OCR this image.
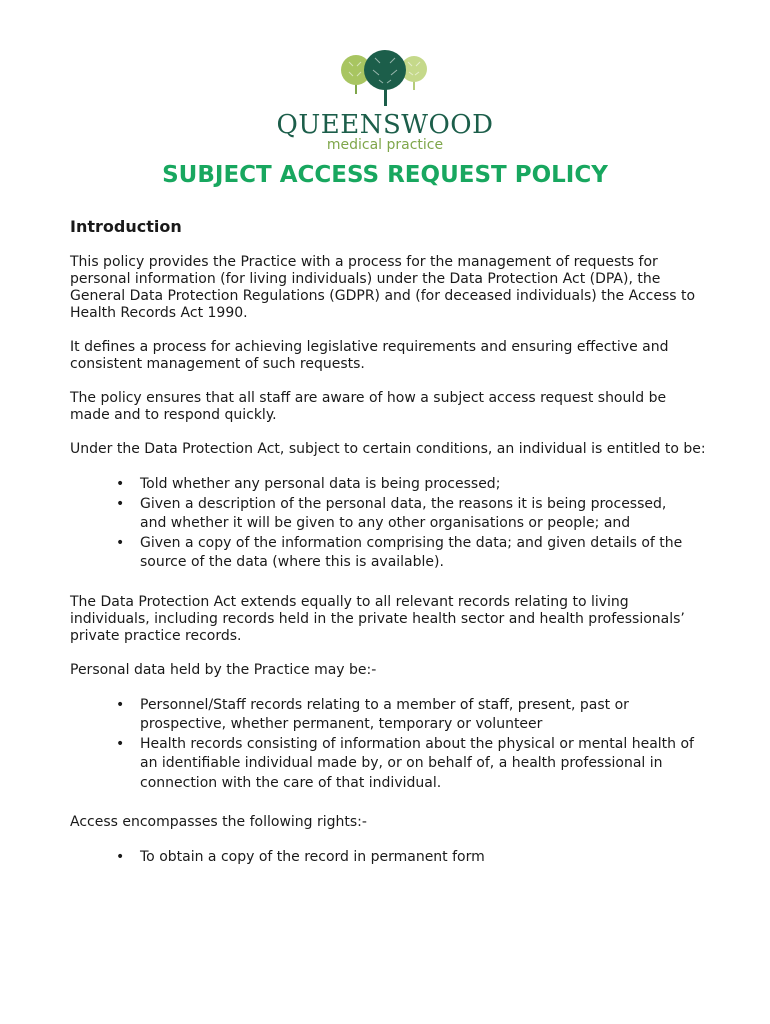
QUEENSWOOD
medical practice
SUBJECT ACCESS REQUEST POLICY
Introduction

This policy provides the Practice with a process for the management of requests for personal information (for living individuals) under the Data Protection Act (DPA), the General Data Protection Regulations (GDPR) and (for deceased individuals) the Access to Health Records Act 1990.

It defines a process for achieving legislative requirements and ensuring effective and consistent management of such requests.

The policy ensures that all staff are aware of how a subject access request should be made and to respond quickly.

Under the Data Protection Act, subject to certain conditions, an individual is entitled to be:

• Told whether any personal data is being processed;
• Given a description of the personal data, the reasons it is being processed,
and whether it will be given to any other organisations or people; and
• Given a copy of the information comprising the data; and given details of the source of the data (where this is available).

The Data Protection Act extends equally to all relevant records relating to living individuals, including records held in the private health sector and health professionals’ private practice records.

Personal data held by the Practice may be:-

• Personnel/Staff records relating to a member of staff, present, past or prospective, whether permanent, temporary or volunteer
• Health records consisting of information about the physical or mental health of an identifiable individual made by, or on behalf of, a health professional in connection with the care of that individual.

Access encompasses the following rights:-

• To obtain a copy of the record in permanent form
